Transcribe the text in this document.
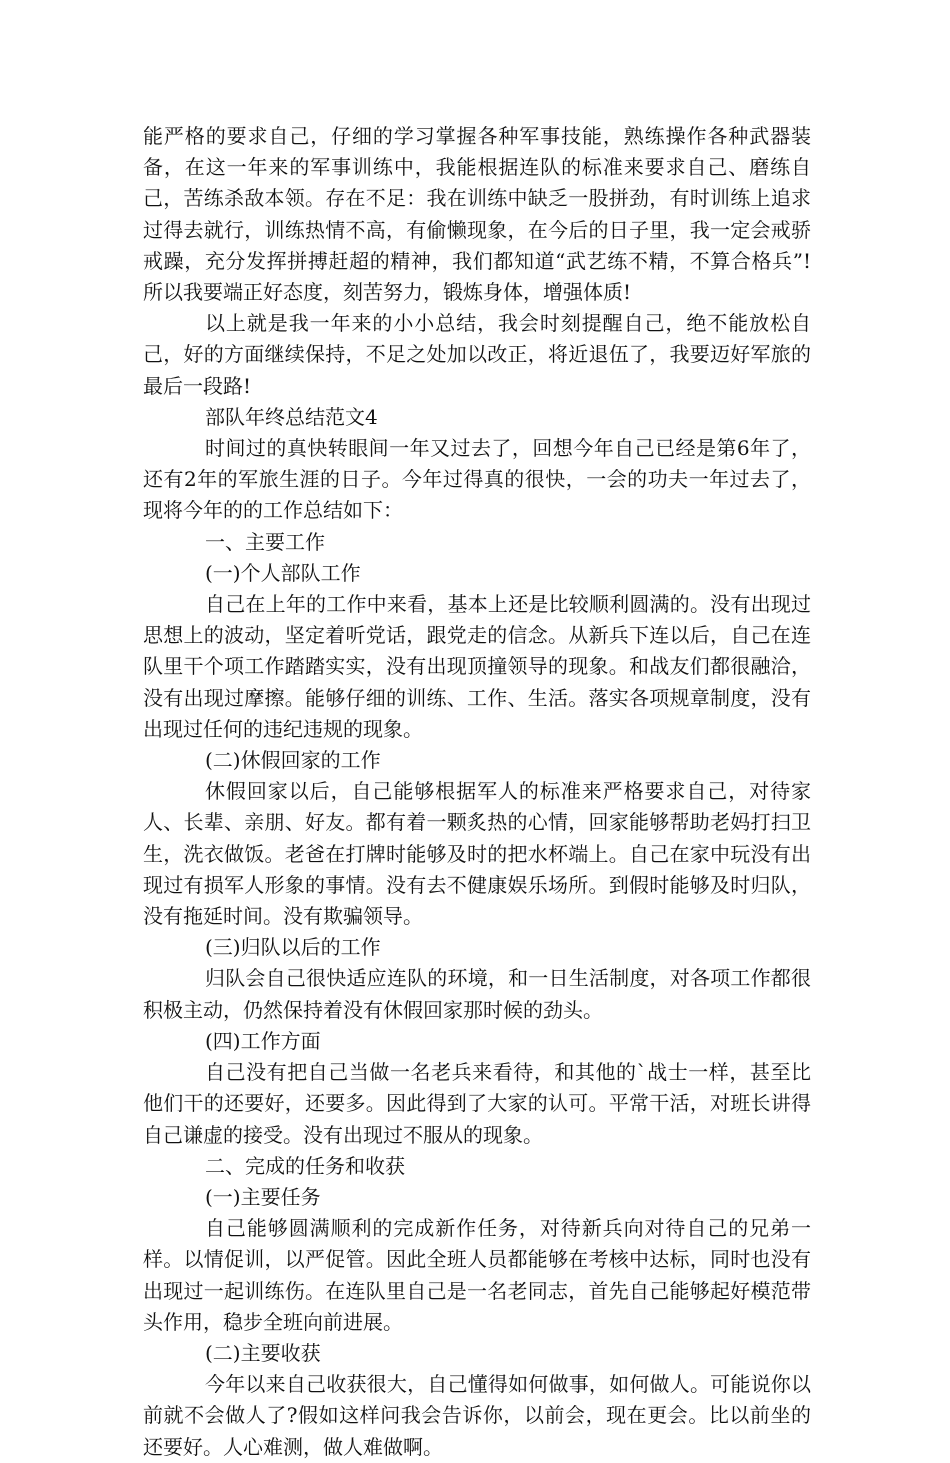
能严格的要求自己，仔细的学习掌握各种军事技能，熟练操作各种武器装备，在这一年来的军事训练中，我能根据连队的标准来要求自己、磨练自己，苦练杀敌本领。存在不足：我在训练中缺乏一股拼劲，有时训练上追求过得去就行，训练热情不高，有偷懒现象，在今后的日子里，我一定会戒骄戒躁，充分发挥拼搏赶超的精神，我们都知道“武艺练不精，不算合格兵”!所以我要端正好态度，刻苦努力，锻炼身体，增强体质!

以上就是我一年来的小小总结，我会时刻提醒自己，绝不能放松自己，好的方面继续保持，不足之处加以改正，将近退伍了，我要迈好军旅的最后一段路!

部队年终总结范文4

时间过的真快转眼间一年又过去了，回想今年自己已经是第6年了，还有2年的军旅生涯的日子。今年过得真的很快，一会的功夫一年过去了，现将今年的的工作总结如下：

一、主要工作

(一)个人部队工作

自己在上年的工作中来看，基本上还是比较顺利圆满的。没有出现过思想上的波动，坚定着听党话，跟党走的信念。从新兵下连以后，自己在连队里干个项工作踏踏实实，没有出现顶撞领导的现象。和战友们都很融洽，没有出现过摩擦。能够仔细的训练、工作、生活。落实各项规章制度，没有出现过任何的违纪违规的现象。

(二)休假回家的工作

休假回家以后，自己能够根据军人的标准来严格要求自己，对待家人、长辈、亲朋、好友。都有着一颗炙热的心情，回家能够帮助老妈打扫卫生，洗衣做饭。老爸在打牌时能够及时的把水杯端上。自己在家中玩没有出现过有损军人形象的事情。没有去不健康娱乐场所。到假时能够及时归队，没有拖延时间。没有欺骗领导。

(三)归队以后的工作

归队会自己很快适应连队的环境，和一日生活制度，对各项工作都很积极主动，仍然保持着没有休假回家那时候的劲头。

(四)工作方面

自己没有把自己当做一名老兵来看待，和其他的`战士一样，甚至比他们干的还要好，还要多。因此得到了大家的认可。平常干活，对班长讲得自己谦虚的接受。没有出现过不服从的现象。

二、完成的任务和收获

(一)主要任务

自己能够圆满顺利的完成新作任务，对待新兵向对待自己的兄弟一样。以情促训，以严促管。因此全班人员都能够在考核中达标，同时也没有出现过一起训练伤。在连队里自己是一名老同志，首先自己能够起好模范带头作用，稳步全班向前进展。

(二)主要收获

今年以来自己收获很大，自己懂得如何做事，如何做人。可能说你以前就不会做人了?假如这样问我会告诉你，以前会，现在更会。比以前坐的还要好。人心难测，做人难做啊。
